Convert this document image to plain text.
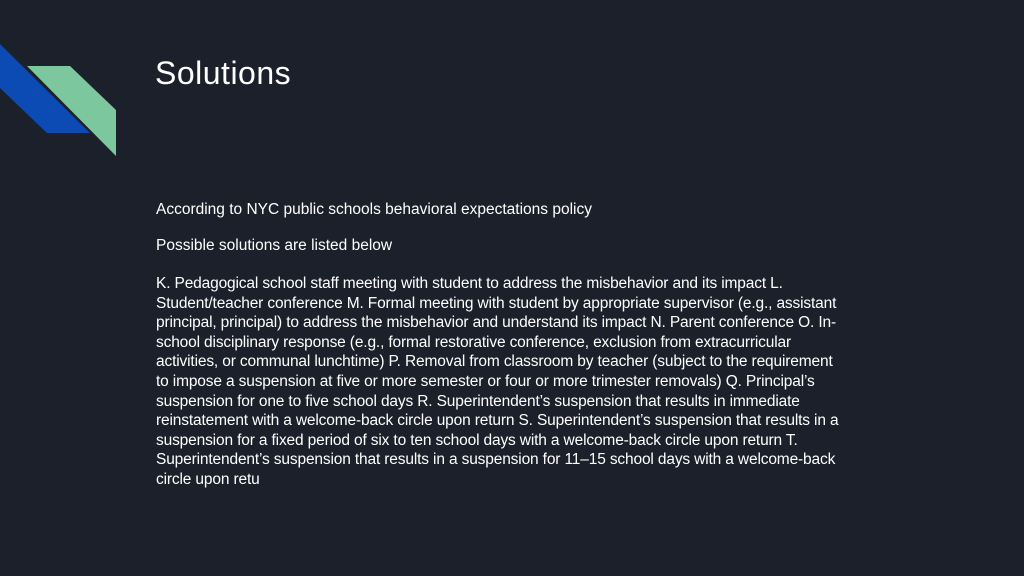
Solutions
According to NYC public schools behavioral expectations policy
Possible solutions are listed below
K. Pedagogical school staff meeting with student to address the misbehavior and its impact L.
Student/teacher conference M. Formal meeting with student by appropriate supervisor (e.g., assistant
principal, principal) to address the misbehavior and understand its impact N. Parent conference O. In-
school disciplinary response (e.g., formal restorative conference, exclusion from extracurricular
activities, or communal lunchtime) P. Removal from classroom by teacher (subject to the requirement
to impose a suspension at five or more semester or four or more trimester removals) Q. Principal’s
suspension for one to five school days R. Superintendent’s suspension that results in immediate
reinstatement with a welcome-back circle upon return S. Superintendent’s suspension that results in a
suspension for a fixed period of six to ten school days with a welcome-back circle upon return T.
Superintendent’s suspension that results in a suspension for 11–15 school days with a welcome-back
circle upon retu
